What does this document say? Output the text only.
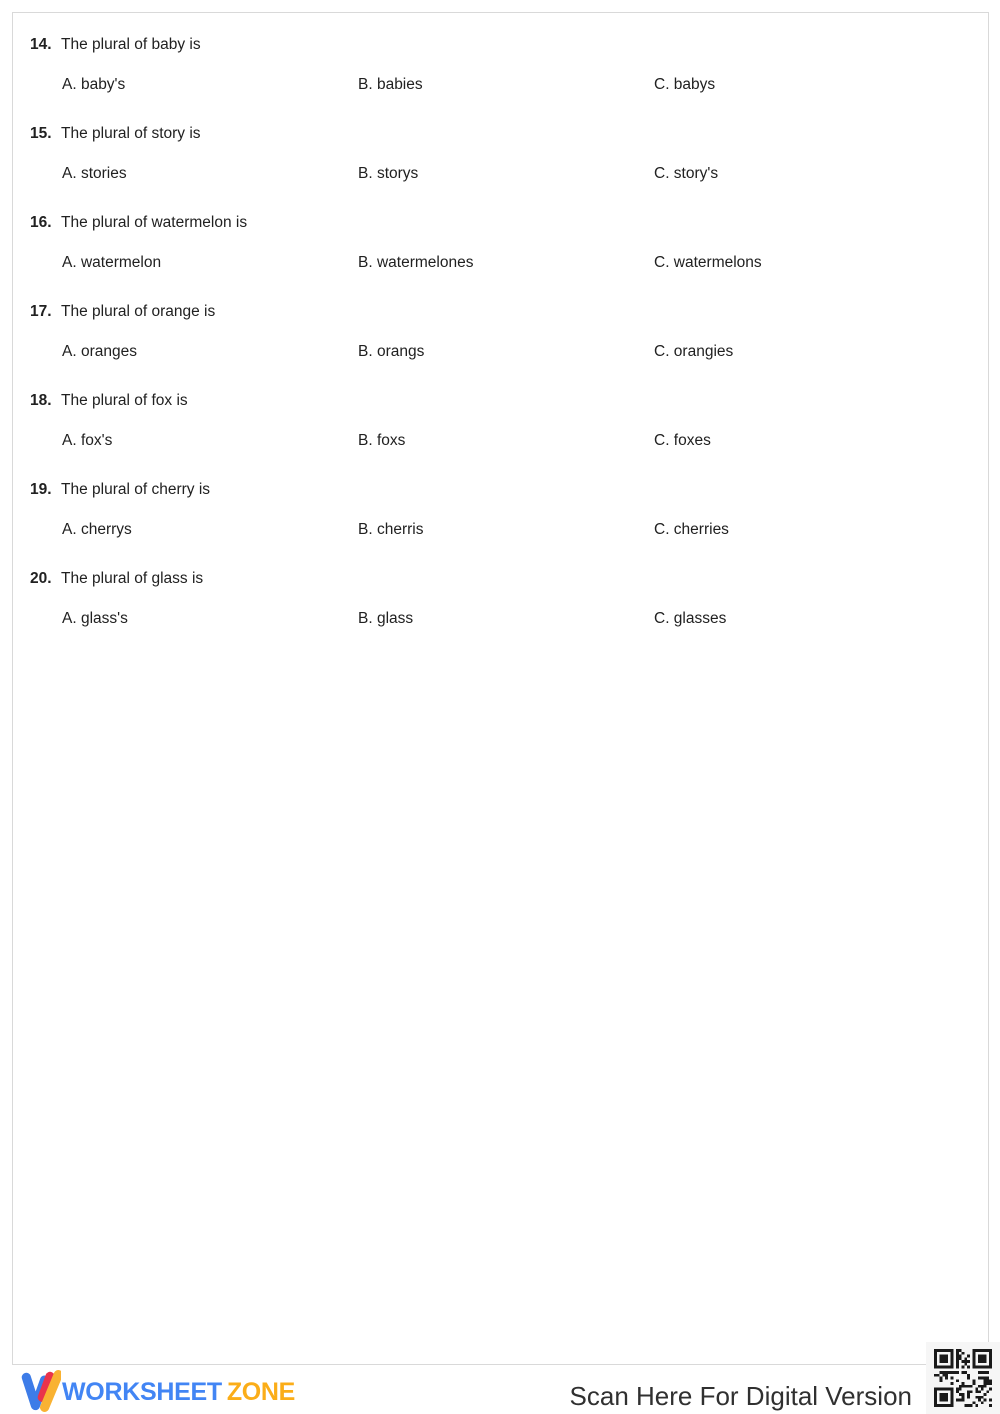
14. The plural of baby is
A. baby's	B. babies	C. babys
15. The plural of story is
A. stories	B. storys	C. story's
16. The plural of watermelon is
A. watermelon	B. watermelones	C. watermelons
17. The plural of orange is
A. oranges	B. orangs	C. orangies
18. The plural of fox is
A. fox's	B. foxs	C. foxes
19. The plural of cherry is
A. cherrys	B. cherris	C. cherries
20. The plural of glass is
A. glass's	B. glass	C. glasses
WORKSHEET ZONE	Scan Here For Digital Version
